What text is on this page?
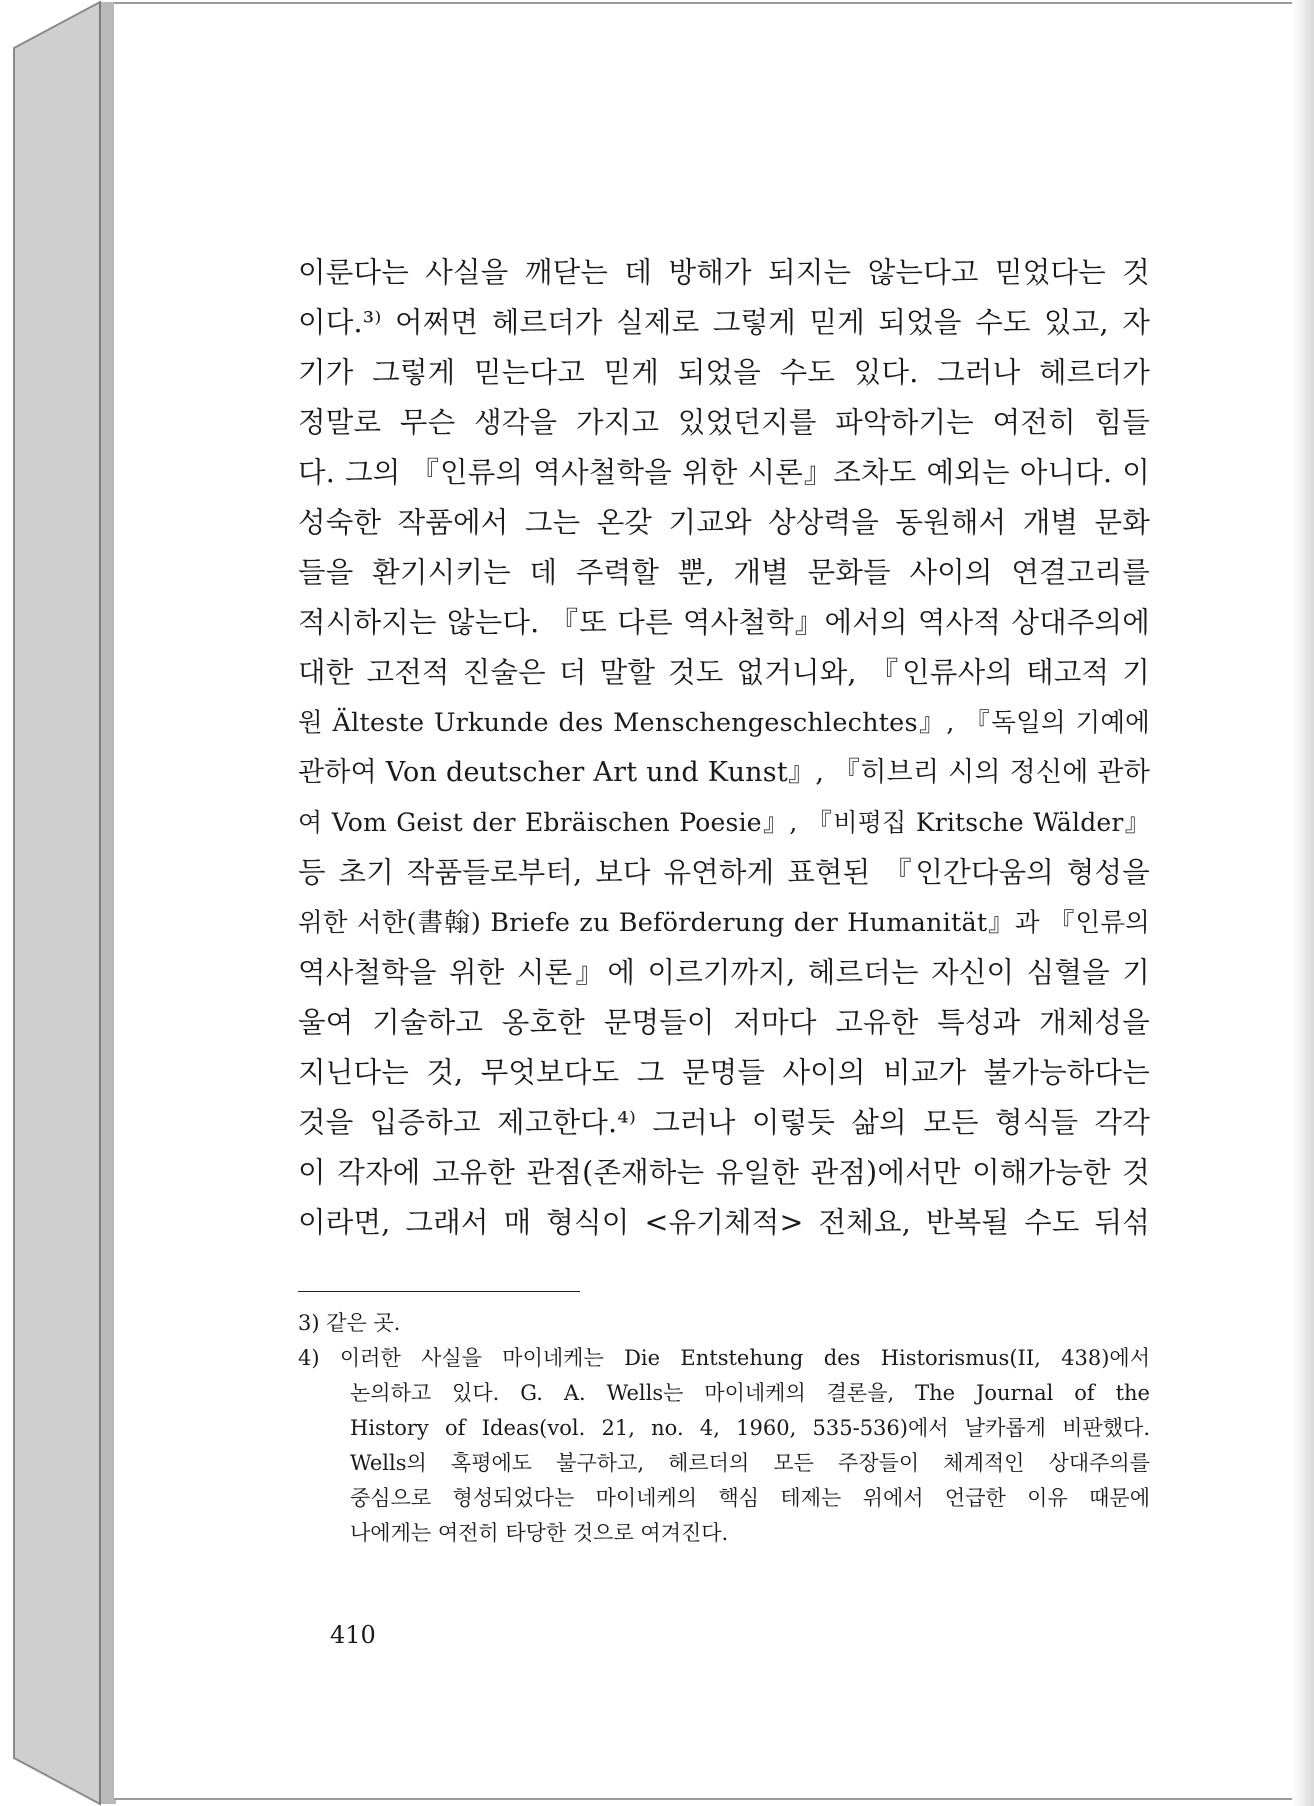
이룬다는 사실을 깨닫는 데 방해가 되지는 않는다고 믿었다는 것
이다.³⁾ 어쩌면 헤르더가 실제로 그렇게 믿게 되었을 수도 있고, 자
기가 그렇게 믿는다고 믿게 되었을 수도 있다. 그러나 헤르더가
정말로 무슨 생각을 가지고 있었던지를 파악하기는 여전히 힘들
다. 그의 『인류의 역사철학을 위한 시론』조차도 예외는 아니다. 이
성숙한 작품에서 그는 온갖 기교와 상상력을 동원해서 개별 문화
들을 환기시키는 데 주력할 뿐, 개별 문화들 사이의 연결고리를
적시하지는 않는다. 『또 다른 역사철학』에서의 역사적 상대주의에
대한 고전적 진술은 더 말할 것도 없거니와, 『인류사의 태고적 기
원 Älteste Urkunde des Menschengeschlechtes』, 『독일의 기예에
관하여 Von deutscher Art und Kunst』, 『히브리 시의 정신에 관하
여 Vom Geist der Ebräischen Poesie』, 『비평집 Kritsche Wälder』
등 초기 작품들로부터, 보다 유연하게 표현된 『인간다움의 형성을
위한 서한(書翰) Briefe zu Beförderung der Humanität』과 『인류의
역사철학을 위한 시론』에 이르기까지, 헤르더는 자신이 심혈을 기
울여 기술하고 옹호한 문명들이 저마다 고유한 특성과 개체성을
지닌다는 것, 무엇보다도 그 문명들 사이의 비교가 불가능하다는
것을 입증하고 제고한다.⁴⁾ 그러나 이렇듯 삶의 모든 형식들 각각
이 각자에 고유한 관점(존재하는 유일한 관점)에서만 이해가능한 것
이라면, 그래서 매 형식이 <유기체적> 전체요, 반복될 수도 뒤섞
3) 같은 곳.
4) 이러한 사실을 마이네케는 Die Entstehung des Historismus(II, 438)에서
논의하고 있다. G. A. Wells는 마이네케의 결론을, The Journal of the
History of Ideas(vol. 21, no. 4, 1960, 535-536)에서 날카롭게 비판했다.
Wells의 혹평에도 불구하고, 헤르더의 모든 주장들이 체계적인 상대주의를
중심으로 형성되었다는 마이네케의 핵심 테제는 위에서 언급한 이유 때문에
나에게는 여전히 타당한 것으로 여겨진다.
410
